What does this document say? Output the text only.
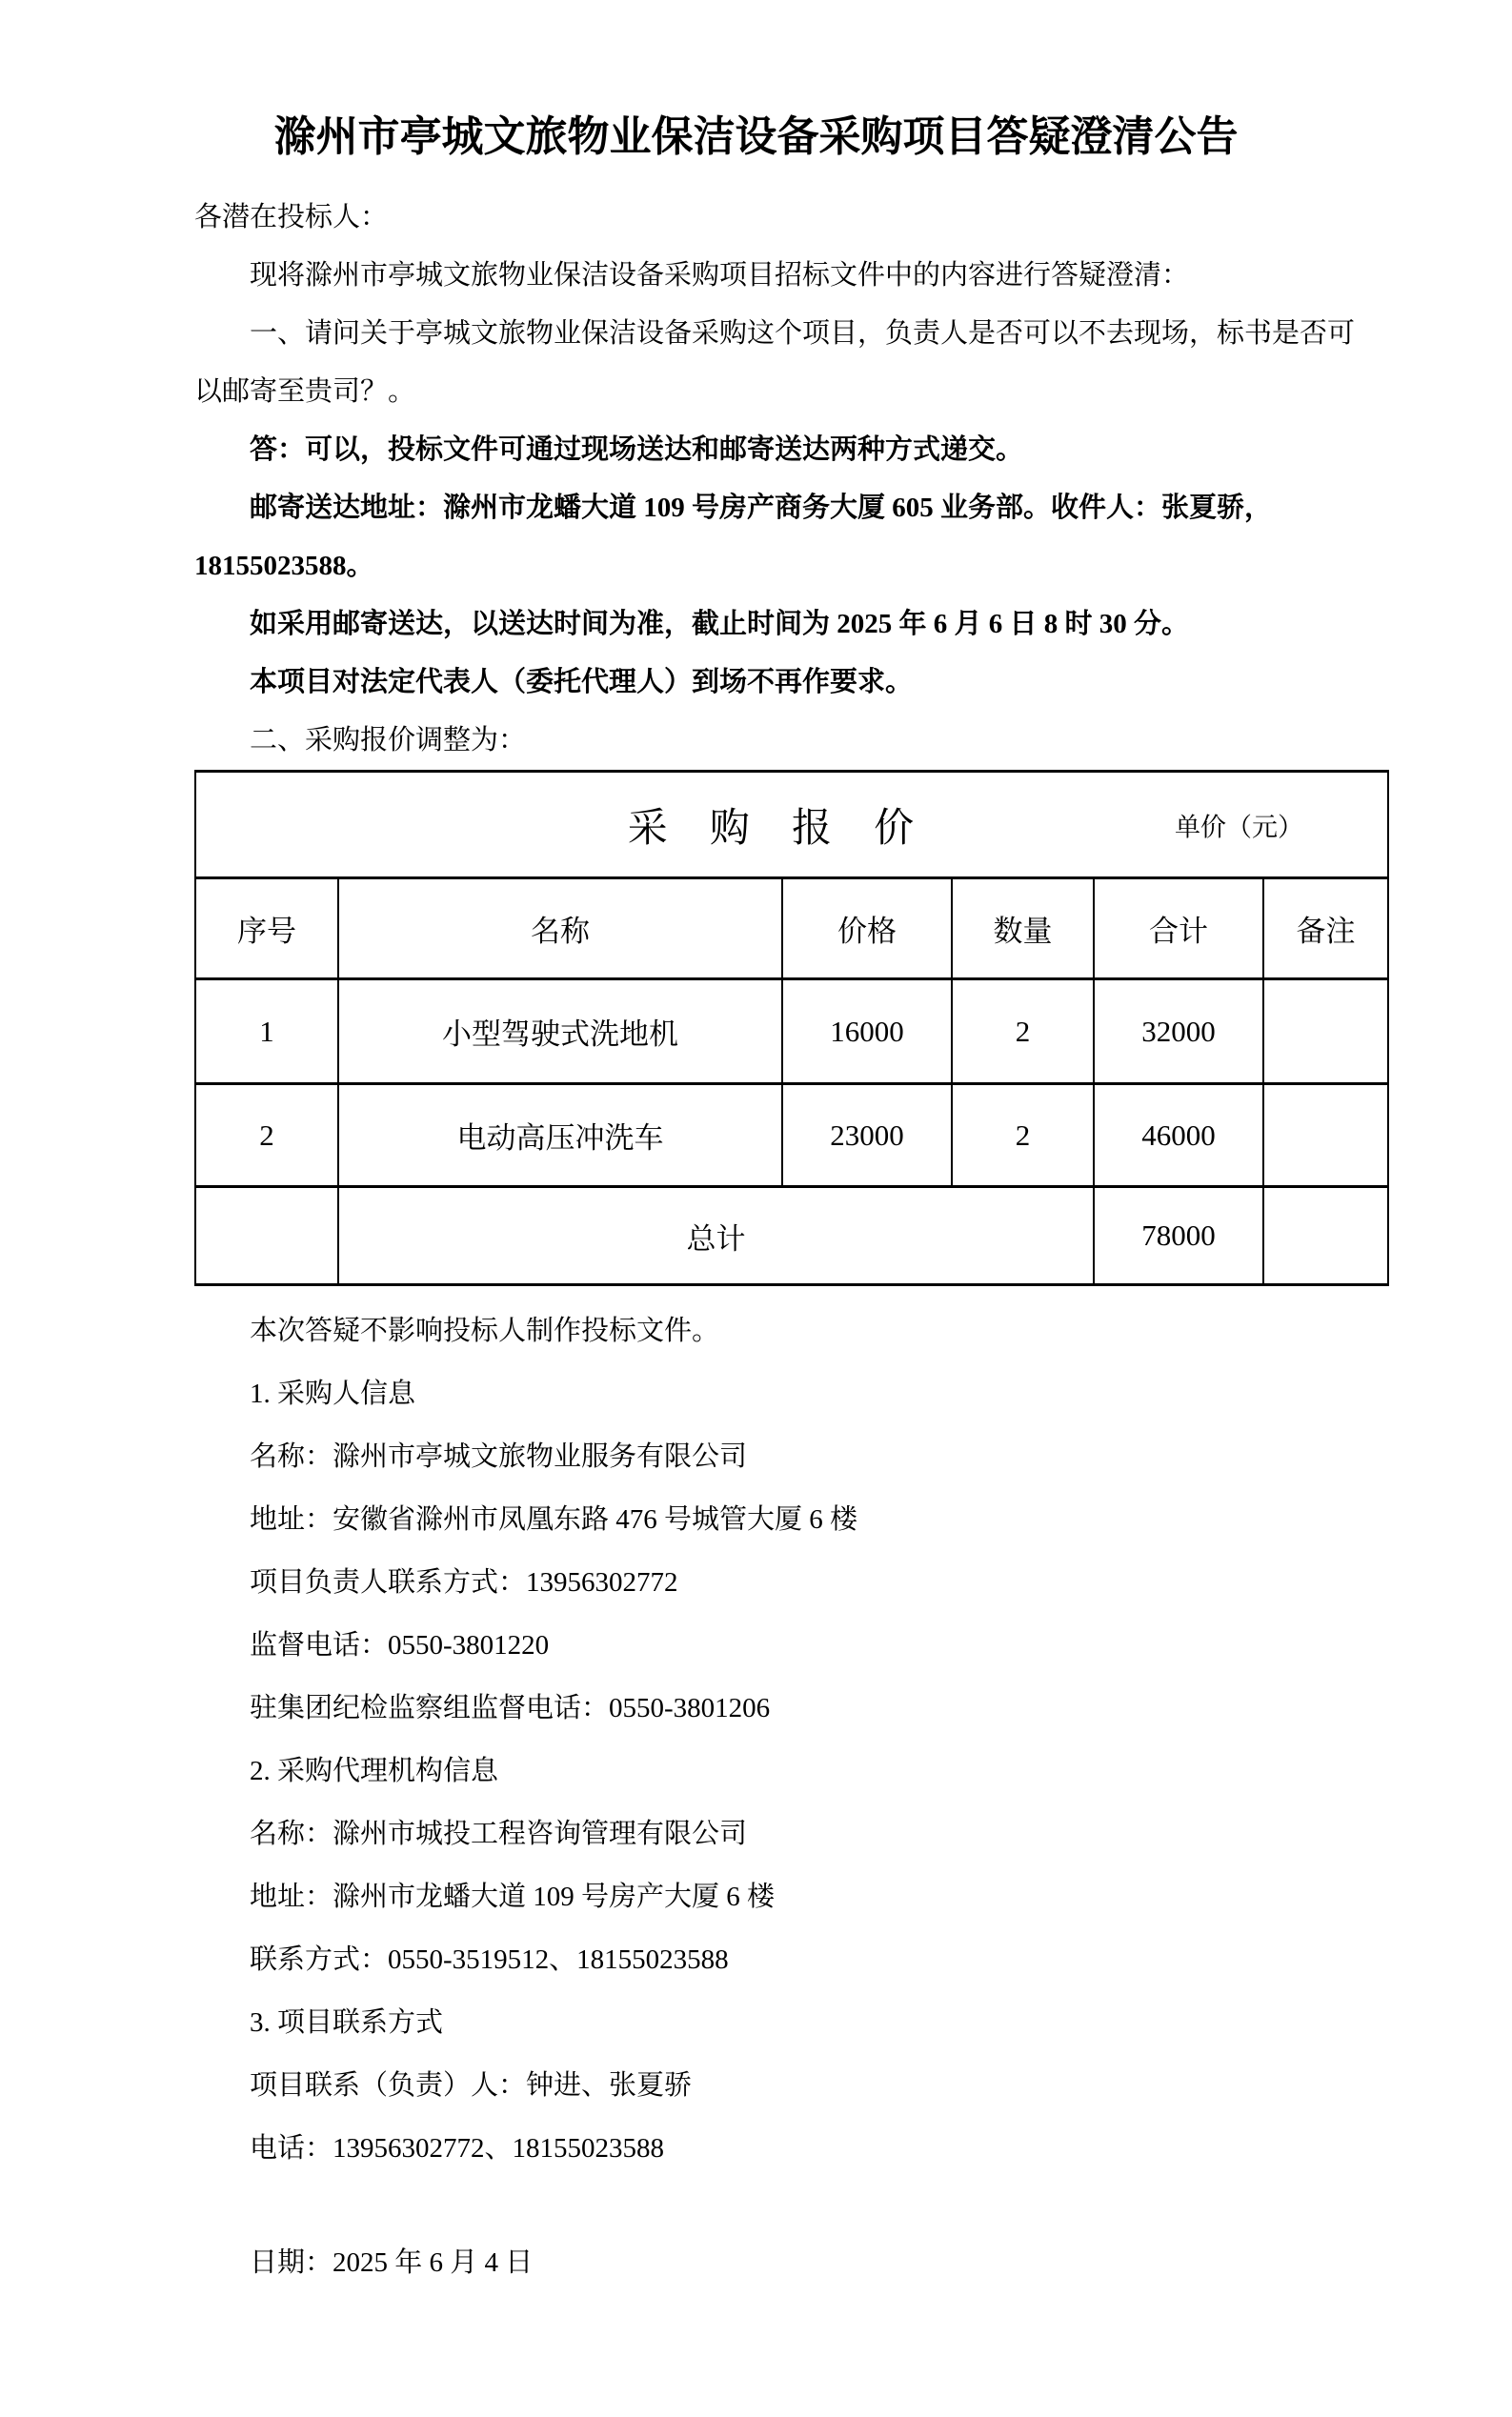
滁州市亭城文旅物业保洁设备采购项目答疑澄清公告
各潜在投标人：
现将滁州市亭城文旅物业保洁设备采购项目招标文件中的内容进行答疑澄清：
一、请问关于亭城文旅物业保洁设备采购这个项目，负责人是否可以不去现场，标书是否可
以邮寄至贵司？。
答：可以，投标文件可通过现场送达和邮寄送达两种方式递交。
邮寄送达地址：滁州市龙蟠大道 109 号房产商务大厦 605 业务部。收件人：张夏骄，
18155023588。
如采用邮寄送达，以送达时间为准，截止时间为 2025 年 6 月 6 日 8 时 30 分。
本项目对法定代表人（委托代理人）到场不再作要求。
二、采购报价调整为：
采购报价 单价（元）					

序号	名称	价格	数量	合计	备注
1	小型驾驶式洗地机	16000	2	32000	
2	电动高压冲洗车	23000	2	46000	
	总计			78000	
本次答疑不影响投标人制作投标文件。
1. 采购人信息
名称：滁州市亭城文旅物业服务有限公司
地址：安徽省滁州市凤凰东路 476 号城管大厦 6 楼
项目负责人联系方式：13956302772
监督电话：0550-3801220
驻集团纪检监察组监督电话：0550-3801206
2. 采购代理机构信息
名称：滁州市城投工程咨询管理有限公司
地址：滁州市龙蟠大道 109 号房产大厦 6 楼
联系方式：0550-3519512、18155023588
3. 项目联系方式
项目联系（负责）人：钟进、张夏骄
电话：13956302772、18155023588
日期：2025 年 6 月 4 日
